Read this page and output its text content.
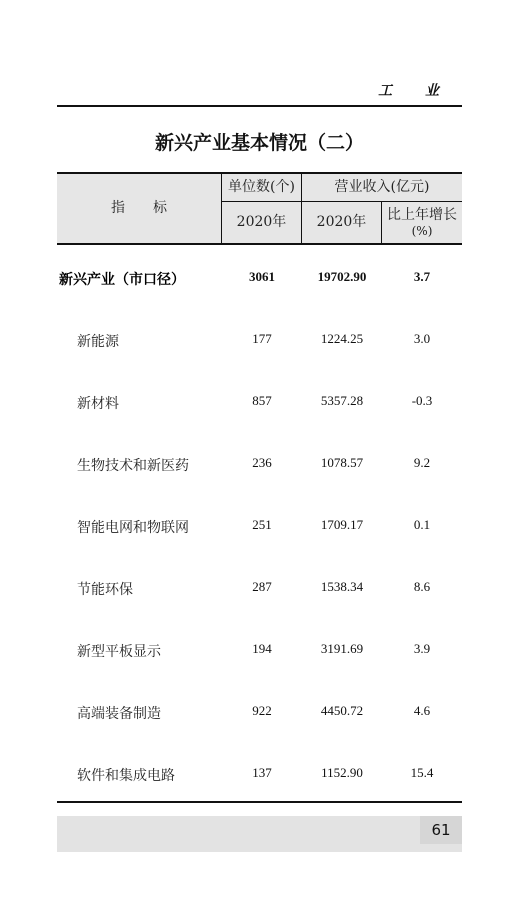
工 业
新兴产业基本情况（二）
指　　标
单位数(个)	营业收入(亿元)
2020年	2020年	比上年增长
(%)
新兴产业（市口径）	3061	19702.90	3.7
新能源	177	1224.25	3.0
新材料	857	5357.28	-0.3
生物技术和新医药	236	1078.57	9.2
智能电网和物联网	251	1709.17	0.1
节能环保	287	1538.34	8.6
新型平板显示	194	3191.69	3.9
高端装备制造	922	4450.72	4.6
软件和集成电路	137	1152.90	15.4
61
